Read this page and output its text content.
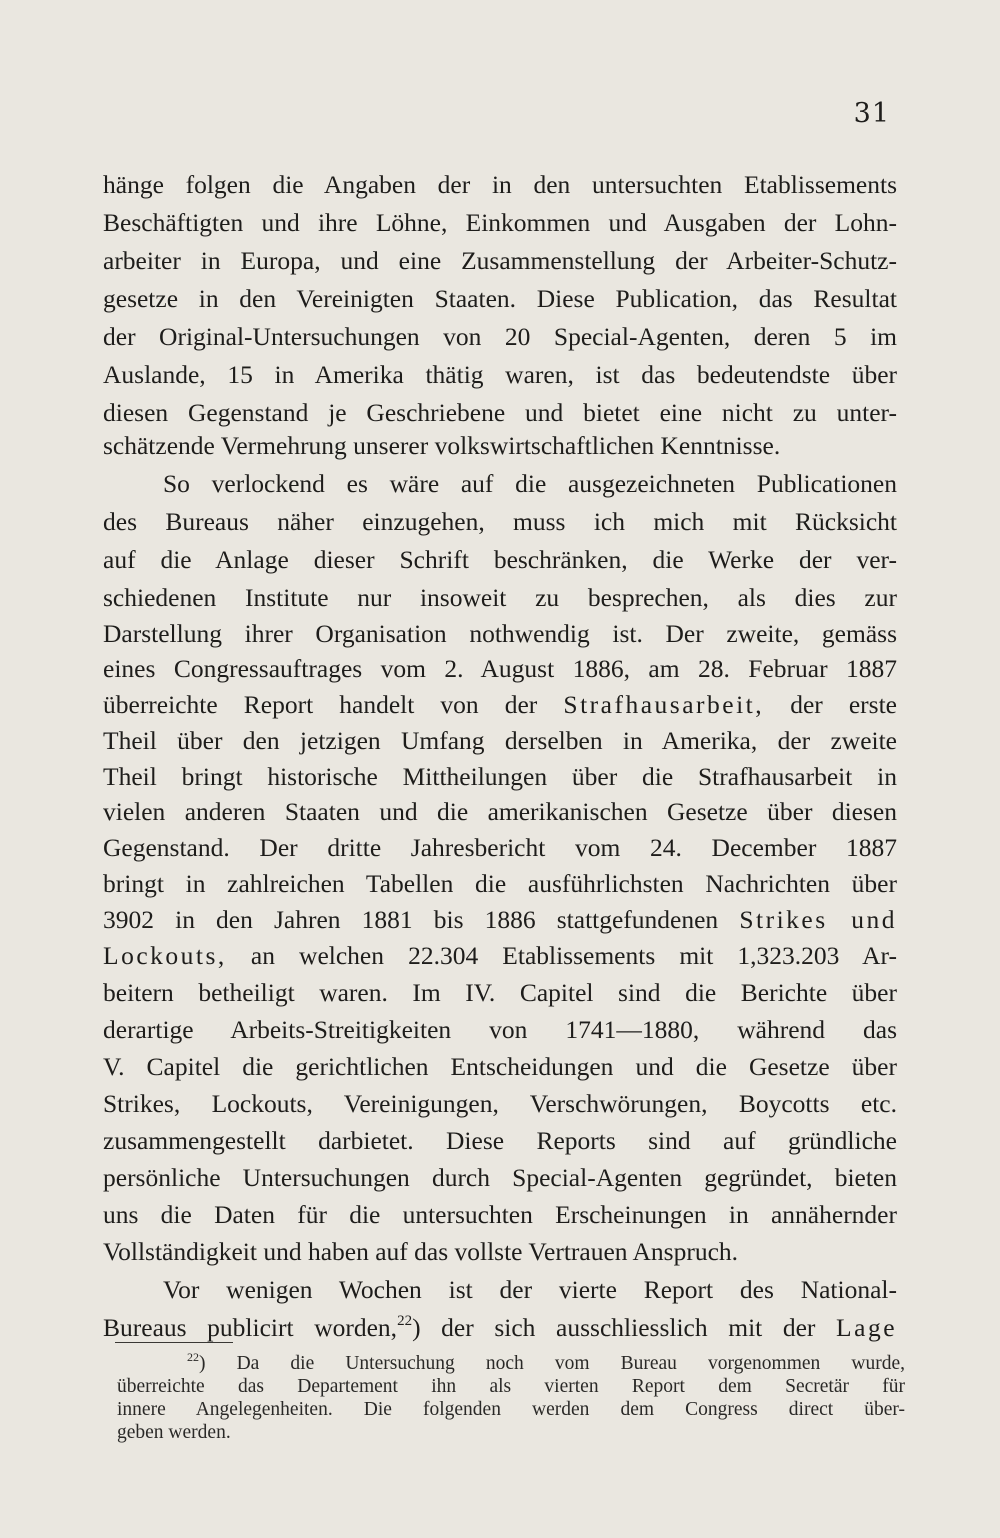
31
hänge folgen die Angaben der in den untersuchten Etablissements
Beschäftigten und ihre Löhne, Einkommen und Ausgaben der Lohn-
arbeiter in Europa, und eine Zusammenstellung der Arbeiter-Schutz-
gesetze in den Vereinigten Staaten. Diese Publication, das Resultat
der Original-Untersuchungen von 20 Special-Agenten, deren 5 im
Auslande, 15 in Amerika thätig waren, ist das bedeutendste über
diesen Gegenstand je Geschriebene und bietet eine nicht zu unter-
schätzende Vermehrung unserer volkswirtschaftlichen Kenntnisse.
So verlockend es wäre auf die ausgezeichneten Publicationen
des Bureaus näher einzugehen, muss ich mich mit Rücksicht
auf die Anlage dieser Schrift beschränken, die Werke der ver-
schiedenen Institute nur insoweit zu besprechen, als dies zur
Darstellung ihrer Organisation nothwendig ist. Der zweite, gemäss
eines Congressauftrages vom 2. August 1886, am 28. Februar 1887
überreichte Report handelt von der Strafhausarbeit, der erste
Theil über den jetzigen Umfang derselben in Amerika, der zweite
Theil bringt historische Mittheilungen über die Strafhausarbeit in
vielen anderen Staaten und die amerikanischen Gesetze über diesen
Gegenstand. Der dritte Jahresbericht vom 24. December 1887
bringt in zahlreichen Tabellen die ausführlichsten Nachrichten über
3902 in den Jahren 1881 bis 1886 stattgefundenen Strikes und
Lockouts, an welchen 22.304 Etablissements mit 1,323.203 Ar-
beitern betheiligt waren. Im IV. Capitel sind die Berichte über
derartige Arbeits-Streitigkeiten von 1741—1880, während das
V. Capitel die gerichtlichen Entscheidungen und die Gesetze über
Strikes, Lockouts, Vereinigungen, Verschwörungen, Boycotts etc.
zusammengestellt darbietet. Diese Reports sind auf gründliche
persönliche Untersuchungen durch Special-Agenten gegründet, bieten
uns die Daten für die untersuchten Erscheinungen in annähernder
Vollständigkeit und haben auf das vollste Vertrauen Anspruch.
Vor wenigen Wochen ist der vierte Report des National-
Bureaus publicirt worden,$^{22}$) der sich ausschliesslich mit der Lage
$^{22}$) Da die Untersuchung noch vom Bureau vorgenommen wurde,
überreichte das Departement ihn als vierten Report dem Secretär für
innere Angelegenheiten. Die folgenden werden dem Congress direct über-
geben werden.
